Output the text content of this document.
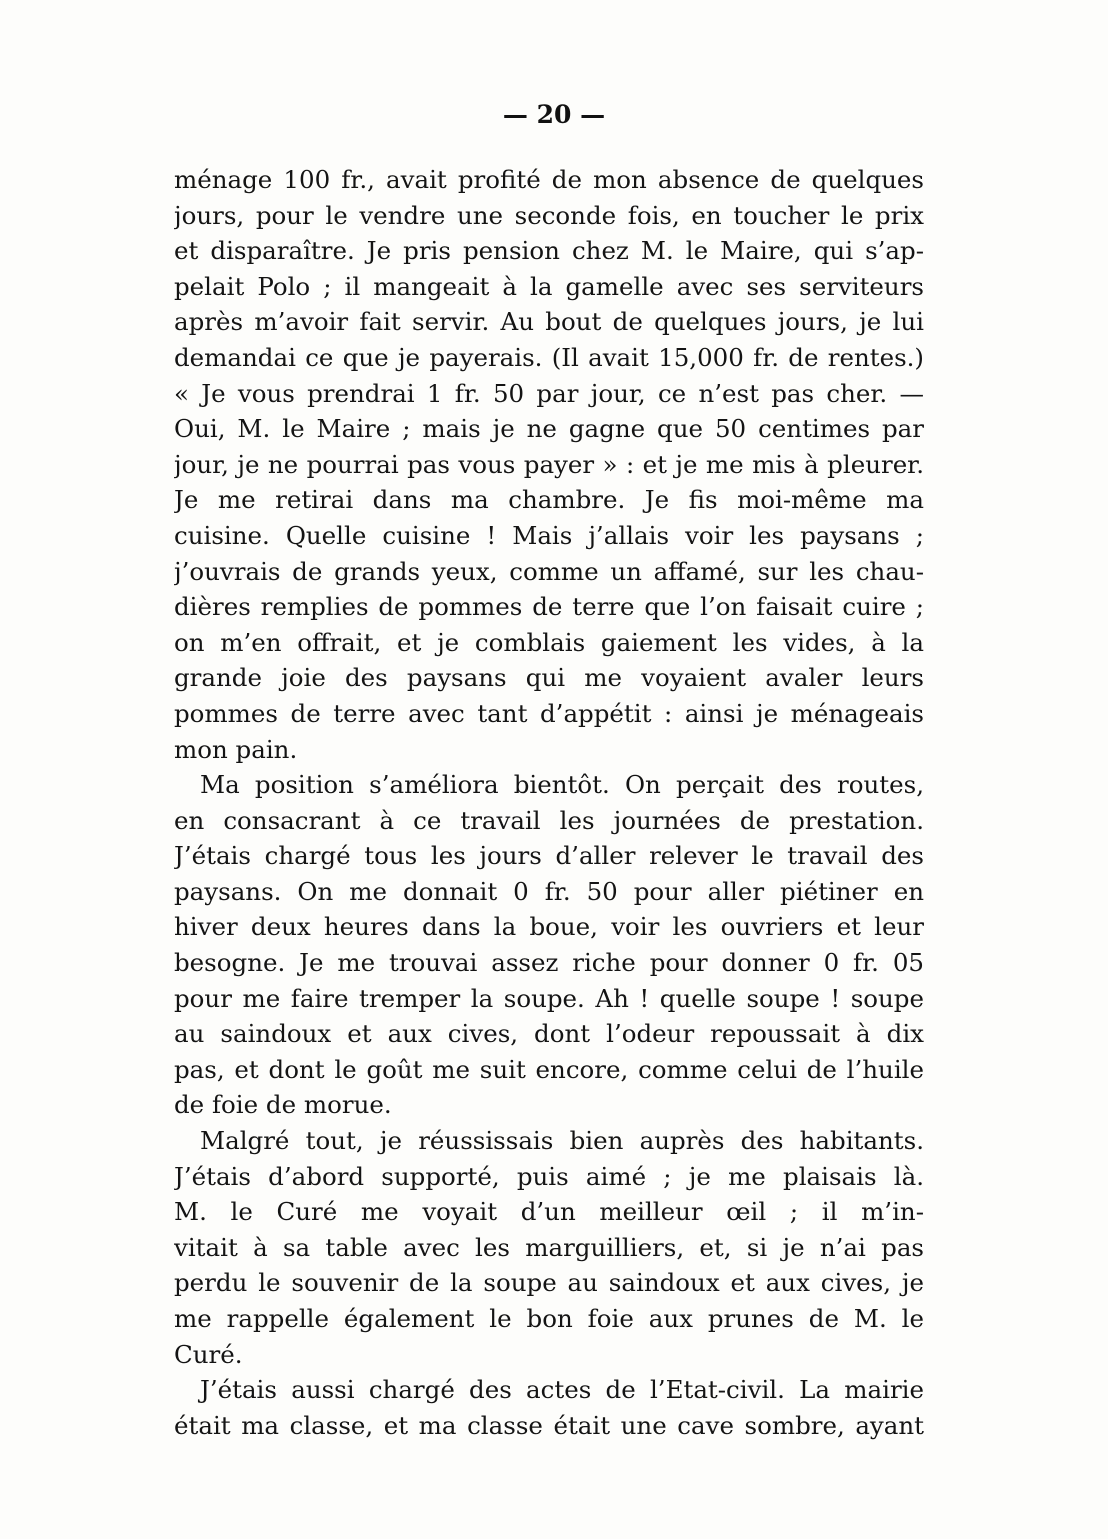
— 20 —
ménage 100 fr., avait profité de mon absence de quelques
jours, pour le vendre une seconde fois, en toucher le prix
et disparaître. Je pris pension chez M. le Maire, qui s’ap-
pelait Polo ; il mangeait à la gamelle avec ses serviteurs
après m’avoir fait servir. Au bout de quelques jours, je lui
demandai ce que je payerais. (Il avait 15,000 fr. de rentes.)
« Je vous prendrai 1 fr. 50 par jour, ce n’est pas cher. —
Oui, M. le Maire ; mais je ne gagne que 50 centimes par
jour, je ne pourrai pas vous payer » : et je me mis à pleurer.
Je me retirai dans ma chambre. Je fis moi-même ma
cuisine. Quelle cuisine ! Mais j’allais voir les paysans ;
j’ouvrais de grands yeux, comme un affamé, sur les chau-
dières remplies de pommes de terre que l’on faisait cuire ;
on m’en offrait, et je comblais gaiement les vides, à la
grande joie des paysans qui me voyaient avaler leurs
pommes de terre avec tant d’appétit : ainsi je ménageais
mon pain.
Ma position s’améliora bientôt. On perçait des routes,
en consacrant à ce travail les journées de prestation.
J’étais chargé tous les jours d’aller relever le travail des
paysans. On me donnait 0 fr. 50 pour aller piétiner en
hiver deux heures dans la boue, voir les ouvriers et leur
besogne. Je me trouvai assez riche pour donner 0 fr. 05
pour me faire tremper la soupe. Ah ! quelle soupe ! soupe
au saindoux et aux cives, dont l’odeur repoussait à dix
pas, et dont le goût me suit encore, comme celui de l’huile
de foie de morue.
Malgré tout, je réussissais bien auprès des habitants.
J’étais d’abord supporté, puis aimé ; je me plaisais là.
M. le Curé me voyait d’un meilleur œil ; il m’in-
vitait à sa table avec les marguilliers, et, si je n’ai pas
perdu le souvenir de la soupe au saindoux et aux cives, je
me rappelle également le bon foie aux prunes de M. le
Curé.
J’étais aussi chargé des actes de l’Etat-civil. La mairie
était ma classe, et ma classe était une cave sombre, ayant
